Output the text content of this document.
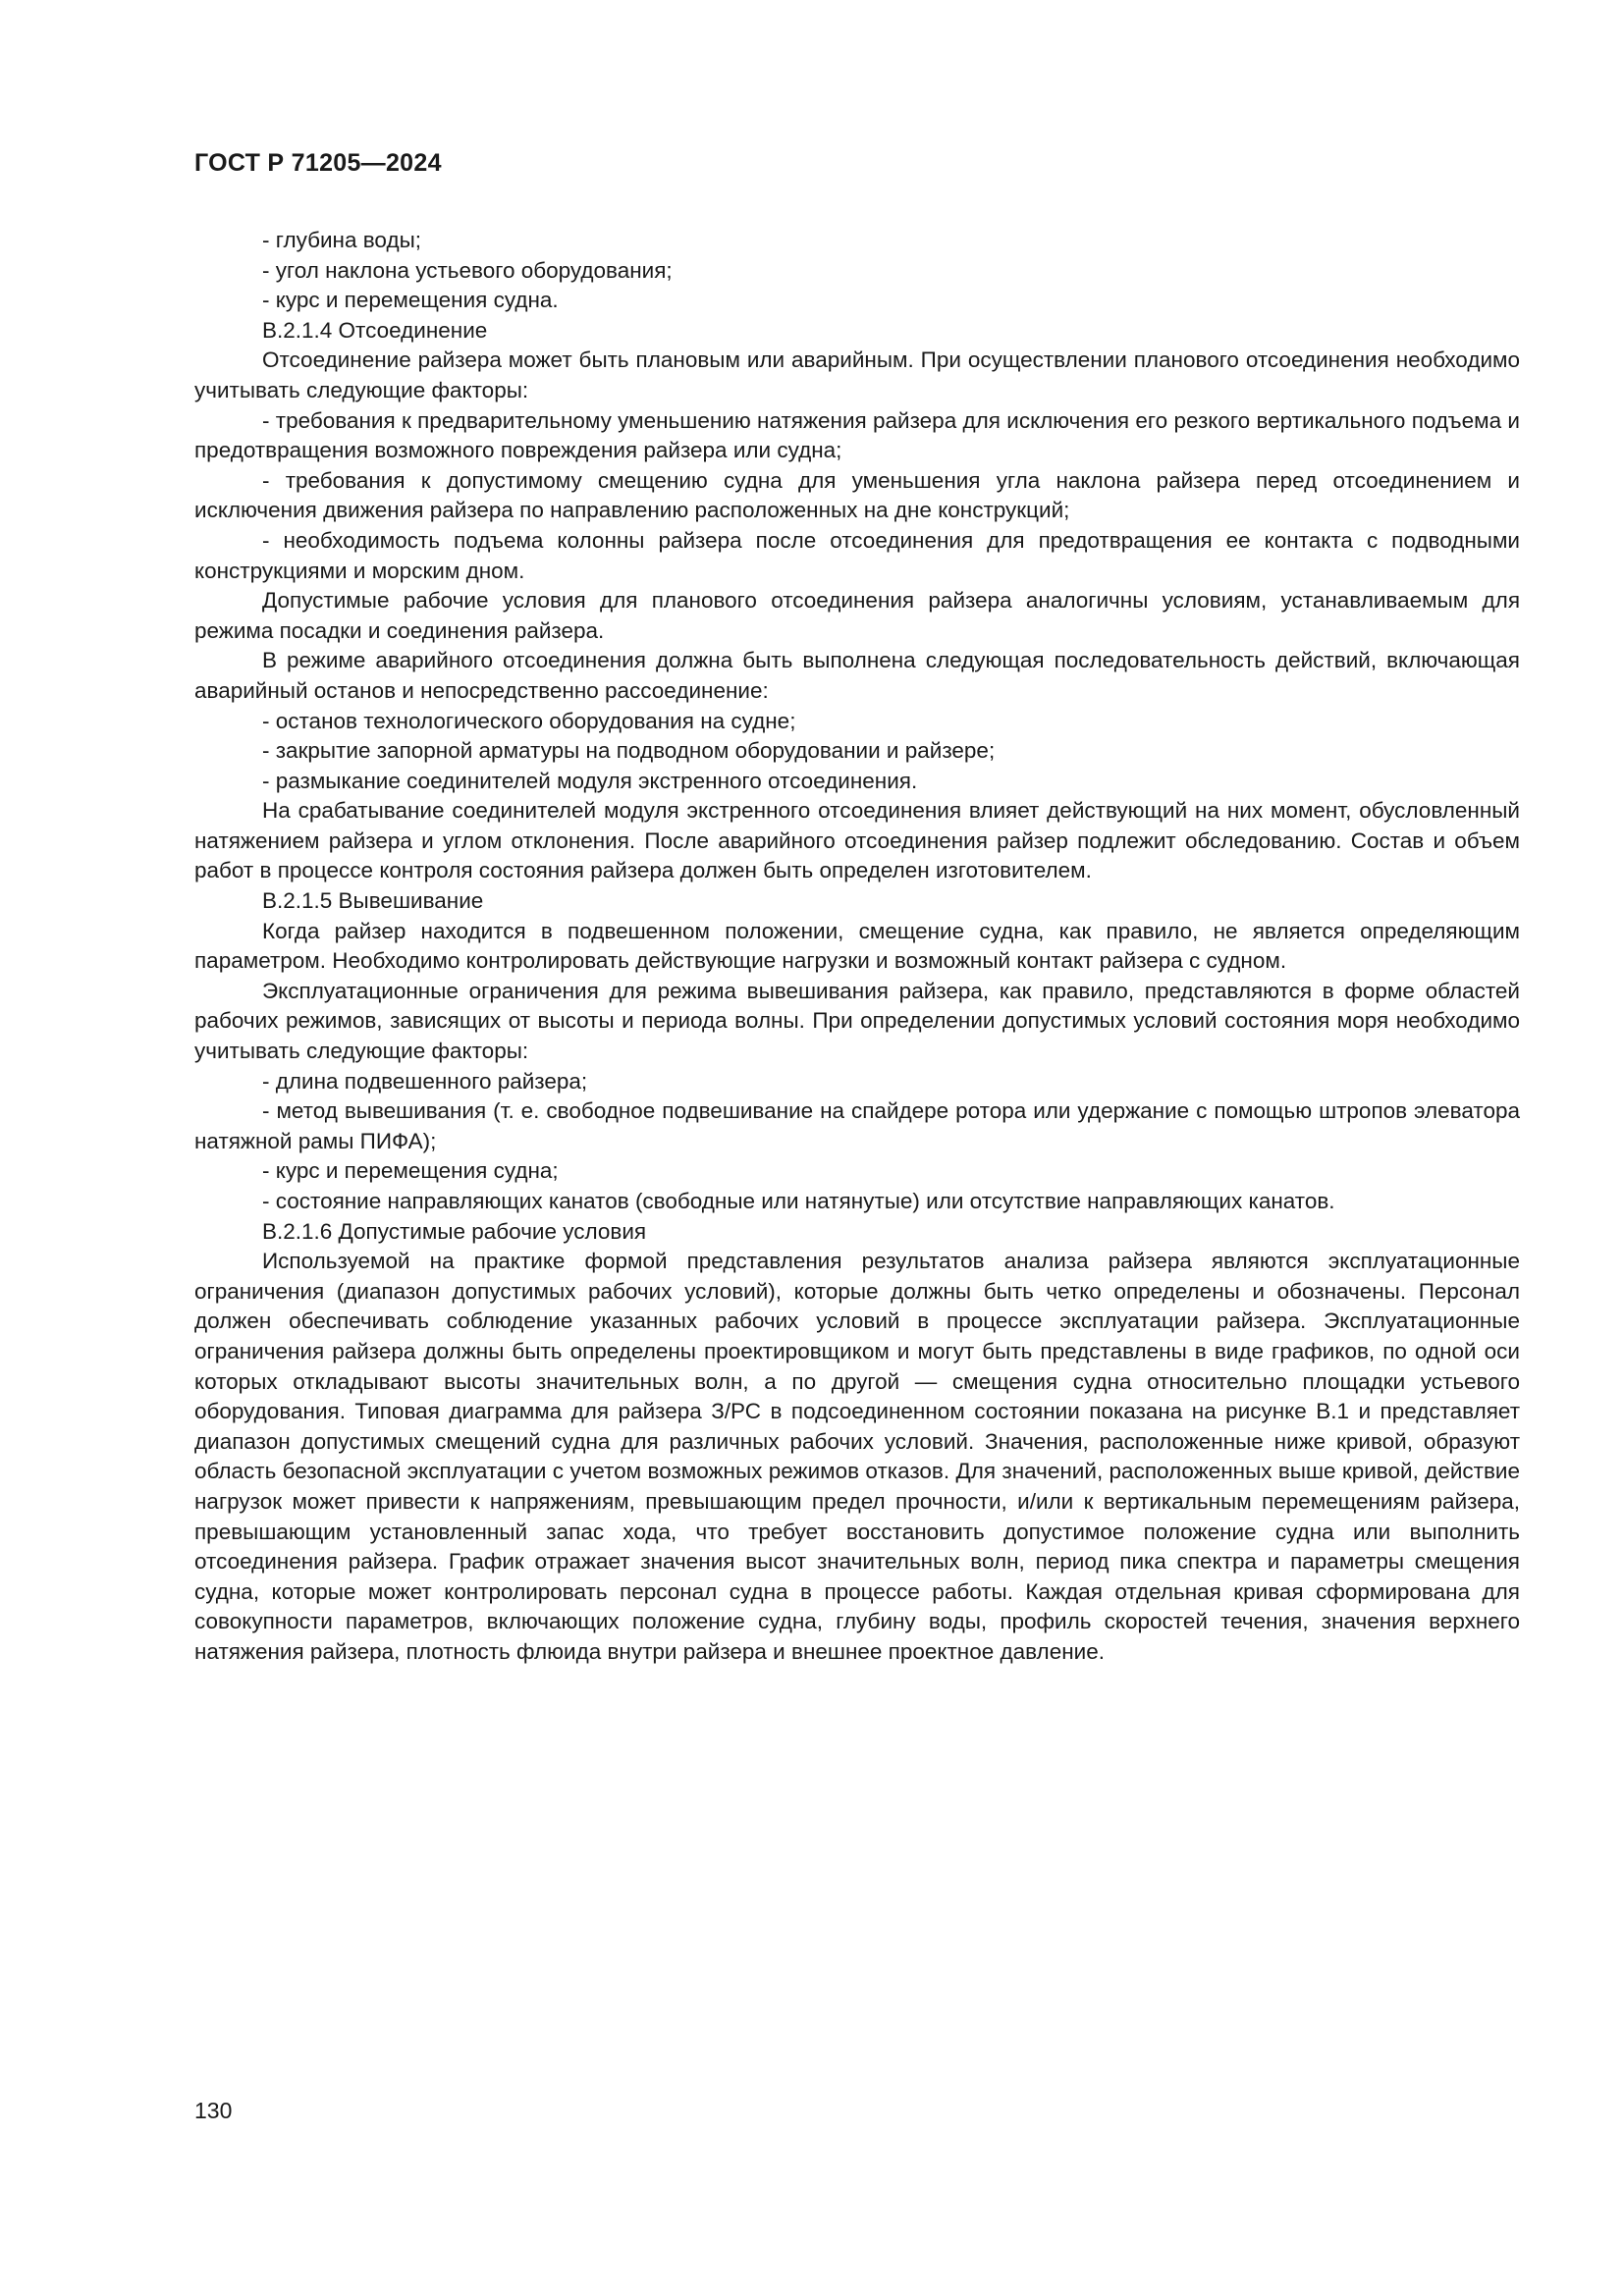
ГОСТ Р 71205—2024

- глубина воды;

- угол наклона устьевого оборудования;

- курс и перемещения судна.

В.2.1.4 Отсоединение

Отсоединение райзера может быть плановым или аварийным. При осуществлении планового отсоединения необходимо учитывать следующие факторы:

- требования к предварительному уменьшению натяжения райзера для исключения его резкого вертикального подъема и предотвращения возможного повреждения райзера или судна;

- требования к допустимому смещению судна для уменьшения угла наклона райзера перед отсоединением и исключения движения райзера по направлению расположенных на дне конструкций;

- необходимость подъема колонны райзера после отсоединения для предотвращения ее контакта с подводными конструкциями и морским дном.

Допустимые рабочие условия для планового отсоединения райзера аналогичны условиям, устанавливаемым для режима посадки и соединения райзера.

В режиме аварийного отсоединения должна быть выполнена следующая последовательность действий, включающая аварийный останов и непосредственно рассоединение:

- останов технологического оборудования на судне;

- закрытие запорной арматуры на подводном оборудовании и райзере;

- размыкание соединителей модуля экстренного отсоединения.

На срабатывание соединителей модуля экстренного отсоединения влияет действующий на них момент, обусловленный натяжением райзера и углом отклонения. После аварийного отсоединения райзер подлежит обследованию. Состав и объем работ в процессе контроля состояния райзера должен быть определен изготовителем.

В.2.1.5 Вывешивание

Когда райзер находится в подвешенном положении, смещение судна, как правило, не является определяющим параметром. Необходимо контролировать действующие нагрузки и возможный контакт райзера с судном.

Эксплуатационные ограничения для режима вывешивания райзера, как правило, представляются в форме областей рабочих режимов, зависящих от высоты и периода волны. При определении допустимых условий состояния моря необходимо учитывать следующие факторы:

- длина подвешенного райзера;

- метод вывешивания (т. е. свободное подвешивание на спайдере ротора или удержание с помощью штропов элеватора натяжной рамы ПИФА);

- курс и перемещения судна;

- состояние направляющих канатов (свободные или натянутые) или отсутствие направляющих канатов.

В.2.1.6 Допустимые рабочие условия

Используемой на практике формой представления результатов анализа райзера являются эксплуатационные ограничения (диапазон допустимых рабочих условий), которые должны быть четко определены и обозначены. Персонал должен обеспечивать соблюдение указанных рабочих условий в процессе эксплуатации райзера. Эксплуатационные ограничения райзера должны быть определены проектировщиком и могут быть представлены в виде графиков, по одной оси которых откладывают высоты значительных волн, а по другой — смещения судна относительно площадки устьевого оборудования. Типовая диаграмма для райзера З/РС в подсоединенном состоянии показана на рисунке В.1 и представляет диапазон допустимых смещений судна для различных рабочих условий. Значения, расположенные ниже кривой, образуют область безопасной эксплуатации с учетом возможных режимов отказов. Для значений, расположенных выше кривой, действие нагрузок может привести к напряжениям, превышающим предел прочности, и/или к вертикальным перемещениям райзера, превышающим установленный запас хода, что требует восстановить допустимое положение судна или выполнить отсоединения райзера. График отражает значения высот значительных волн, период пика спектра и параметры смещения судна, которые может контролировать персонал судна в процессе работы. Каждая отдельная кривая сформирована для совокупности параметров, включающих положение судна, глубину воды, профиль скоростей течения, значения верхнего натяжения райзера, плотность флюида внутри райзера и внешнее проектное давление.

130
